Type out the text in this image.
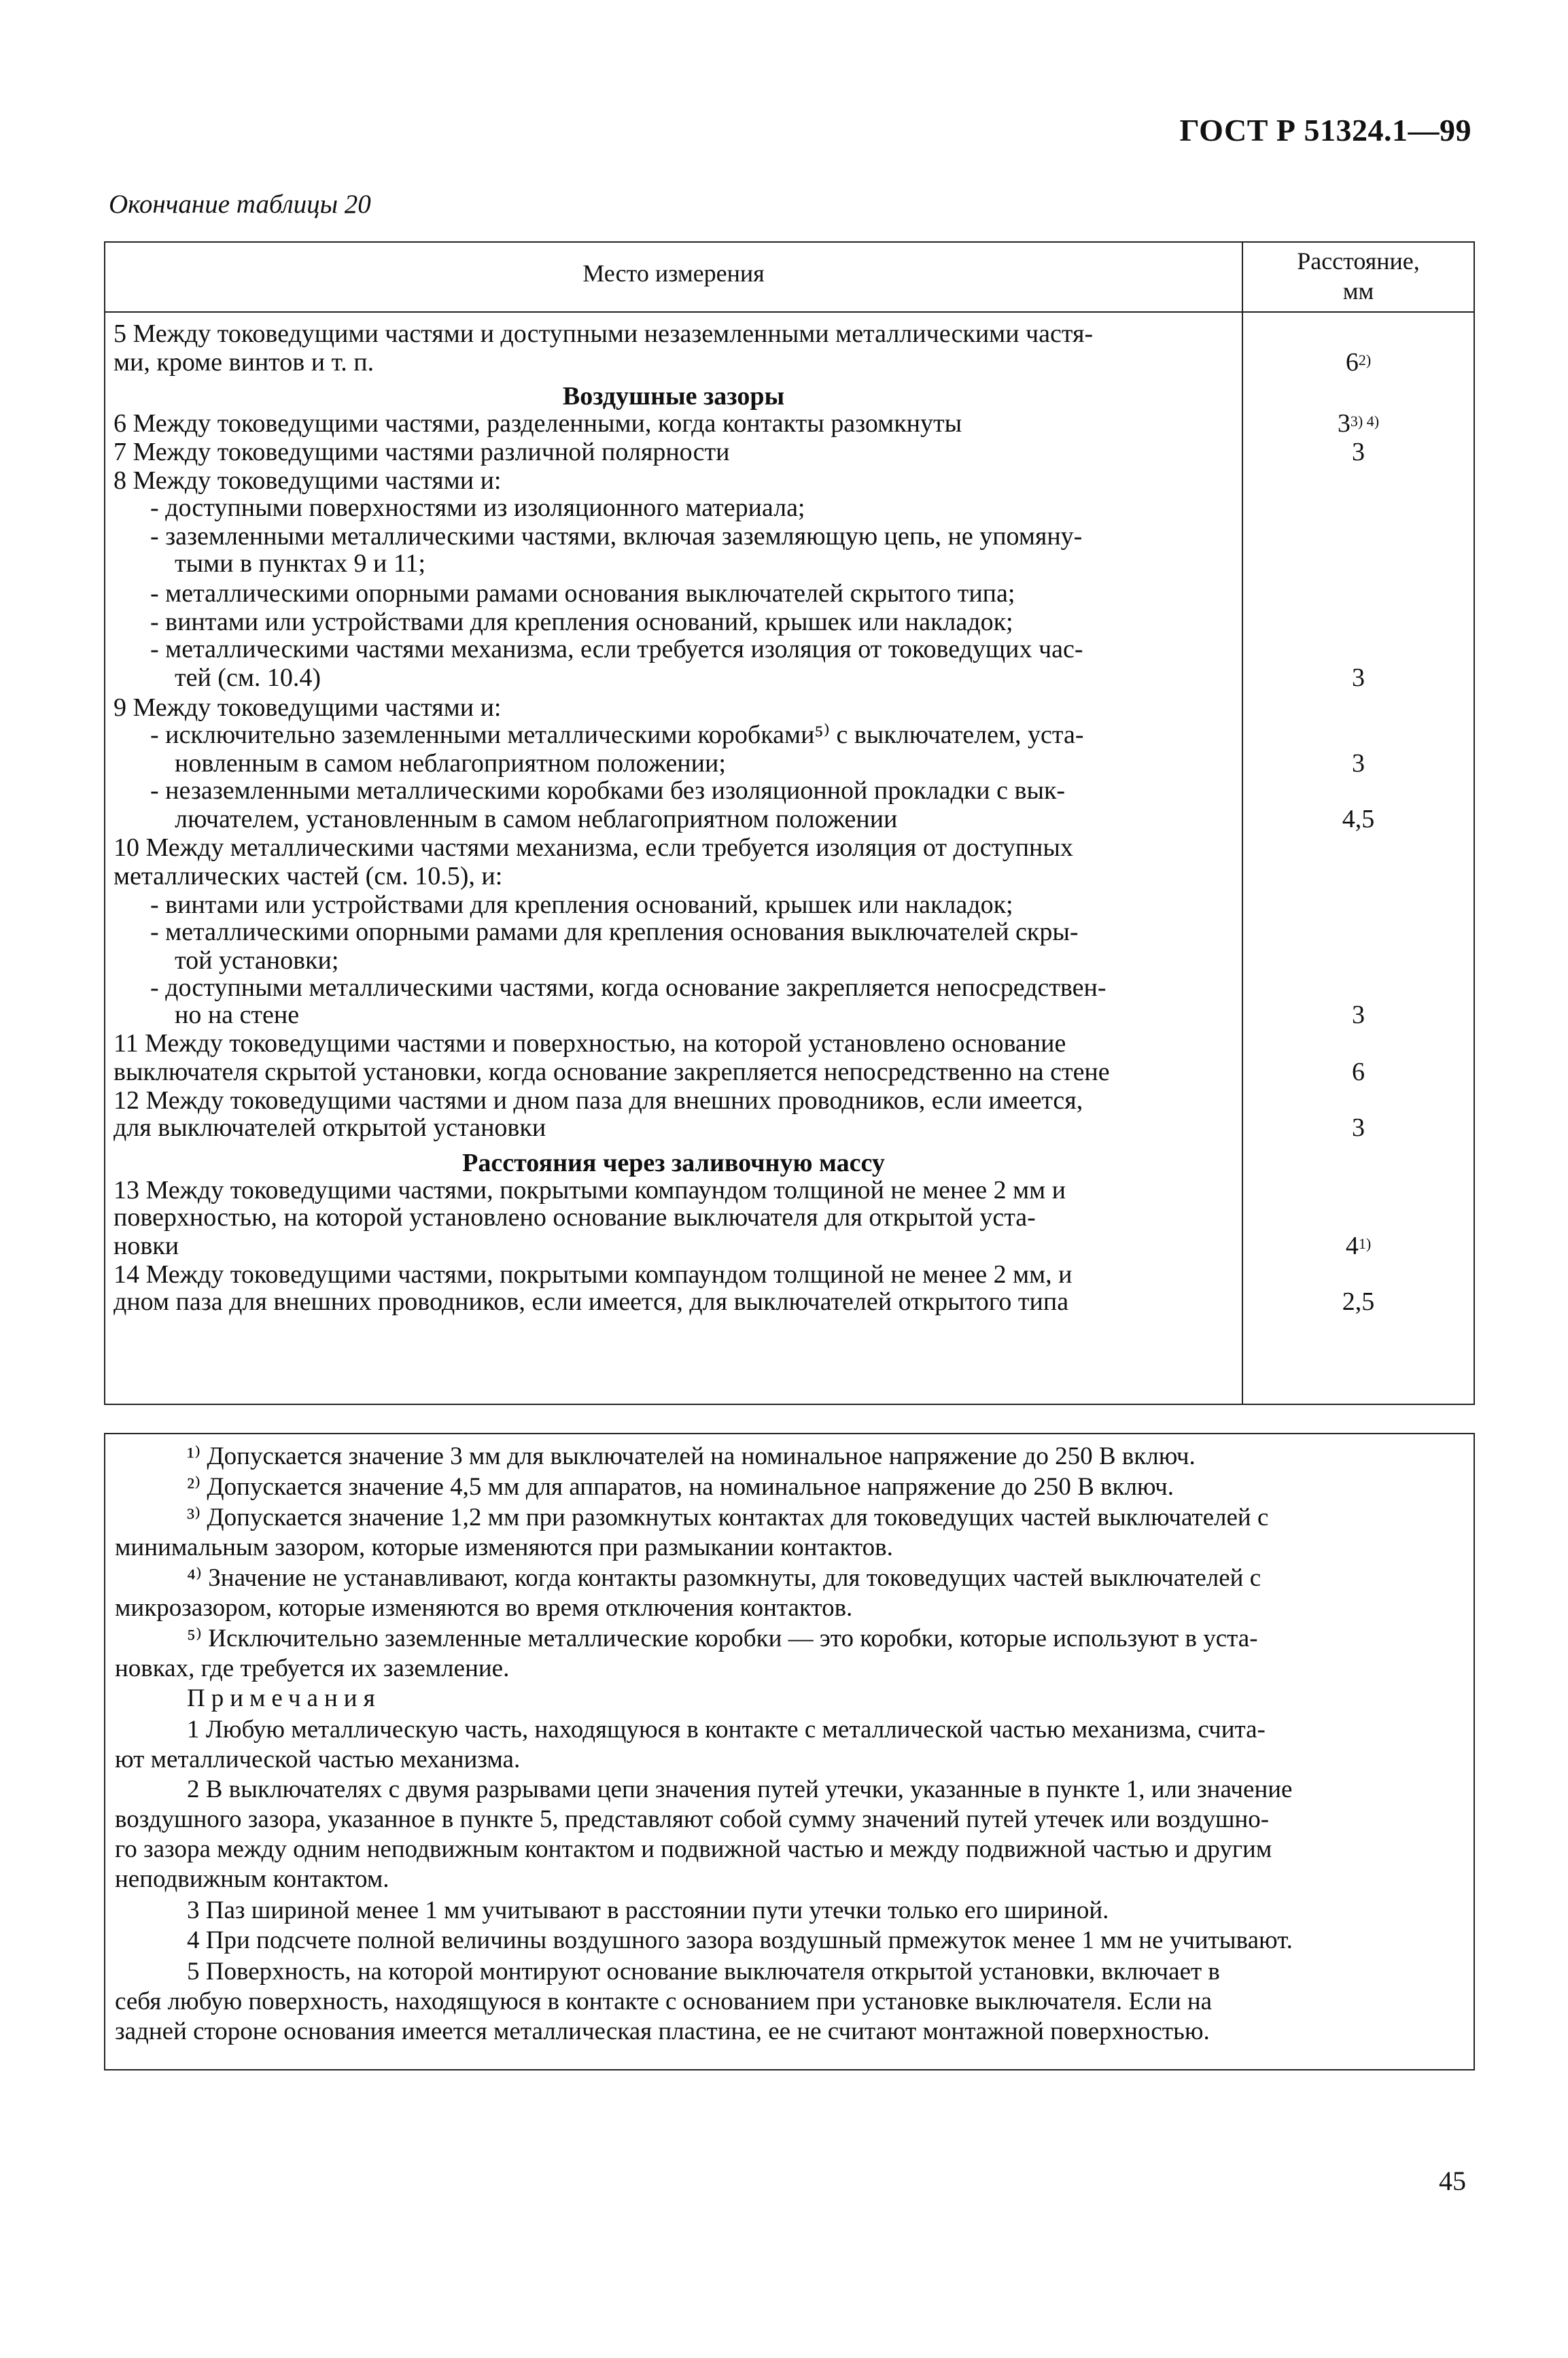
ГОСТ Р 51324.1—99
Окончание таблицы 20
Место измерения	Расстояние,
мм
5 Между токоведущими частями и доступными незаземленными металлическими частя-
ми, кроме винтов и т. п.	6$^{2)}$
Воздушные зазоры
6 Между токоведущими частями, разделенными, когда контакты разомкнуты	$3^{3) 4)}$
7 Между токоведущими частями различной полярности	3
8 Между токоведущими частями и:
- доступными поверхностями из изоляционного материала;
- заземленными металлическими частями, включая заземляющую цепь, не упомяну-
тыми в пунктах 9 и 11;
- металлическими опорными рамами основания выключателей скрытого типа;
- винтами или устройствами для крепления оснований, крышек или накладок;
- металлическими частями механизма, если требуется изоляция от токоведущих час-
тей (см. 10.4)	3
9 Между токоведущими частями и:
- исключительно заземленными металлическими коробками⁵⁾ с выключателем, уста-
новленным в самом неблагоприятном положении;	3
- незаземленными металлическими коробками без изоляционной прокладки с вык-
лючателем, установленным в самом неблагоприятном положении	4,5
10 Между металлическими частями механизма, если требуется изоляция от доступных
металлических частей (см. 10.5), и:
- винтами или устройствами для крепления оснований, крышек или накладок;
- металлическими опорными рамами для крепления основания выключателей скры-
той установки;
- доступными металлическими частями, когда основание закрепляется непосредствен-
но на стене	3
11 Между токоведущими частями и поверхностью, на которой установлено основание
выключателя скрытой установки, когда основание закрепляется непосредственно на стене	6
12 Между токоведущими частями и дном паза для внешних проводников, если имеется,
для выключателей открытой установки	3
Расстояния через заливочную массу
13 Между токоведущими частями, покрытыми компаундом толщиной не менее 2 мм и
поверхностью, на которой установлено основание выключателя для открытой уста-
новки	4$^{1)}$
14 Между токоведущими частями, покрытыми компаундом толщиной не менее 2 мм, и
дном паза для внешних проводников, если имеется, для выключателей открытого типа	2,5
¹⁾ Допускается значение 3 мм для выключателей на номинальное напряжение до 250 В включ.
²⁾ Допускается значение 4,5 мм для аппаратов, на номинальное напряжение до 250 В включ.
³⁾ Допускается значение 1,2 мм при разомкнутых контактах для токоведущих частей выключателей с
минимальным зазором, которые изменяются при размыкании контактов.
⁴⁾ Значение не устанавливают, когда контакты разомкнуты, для токоведущих частей выключателей с
микрозазором, которые изменяются во время отключения контактов.
⁵⁾ Исключительно заземленные металлические коробки — это коробки, которые используют в уста-
новках, где требуется их заземление.
Примечания
1 Любую металлическую часть, находящуюся в контакте с металлической частью механизма, счита-
ют металлической частью механизма.
2 В выключателях с двумя разрывами цепи значения путей утечки, указанные в пункте 1, или значение
воздушного зазора, указанное в пункте 5, представляют собой сумму значений путей утечек или воздушно-
го зазора между одним неподвижным контактом и подвижной частью и между подвижной частью и другим
неподвижным контактом.
3 Паз шириной менее 1 мм учитывают в расстоянии пути утечки только его шириной.
4 При подсчете полной величины воздушного зазора воздушный прмежуток менее 1 мм не учитывают.
5 Поверхность, на которой монтируют основание выключателя открытой установки, включает в
себя любую поверхность, находящуюся в контакте с основанием при установке выключателя. Если на
задней стороне основания имеется металлическая пластина, ее не считают монтажной поверхностью.
45
